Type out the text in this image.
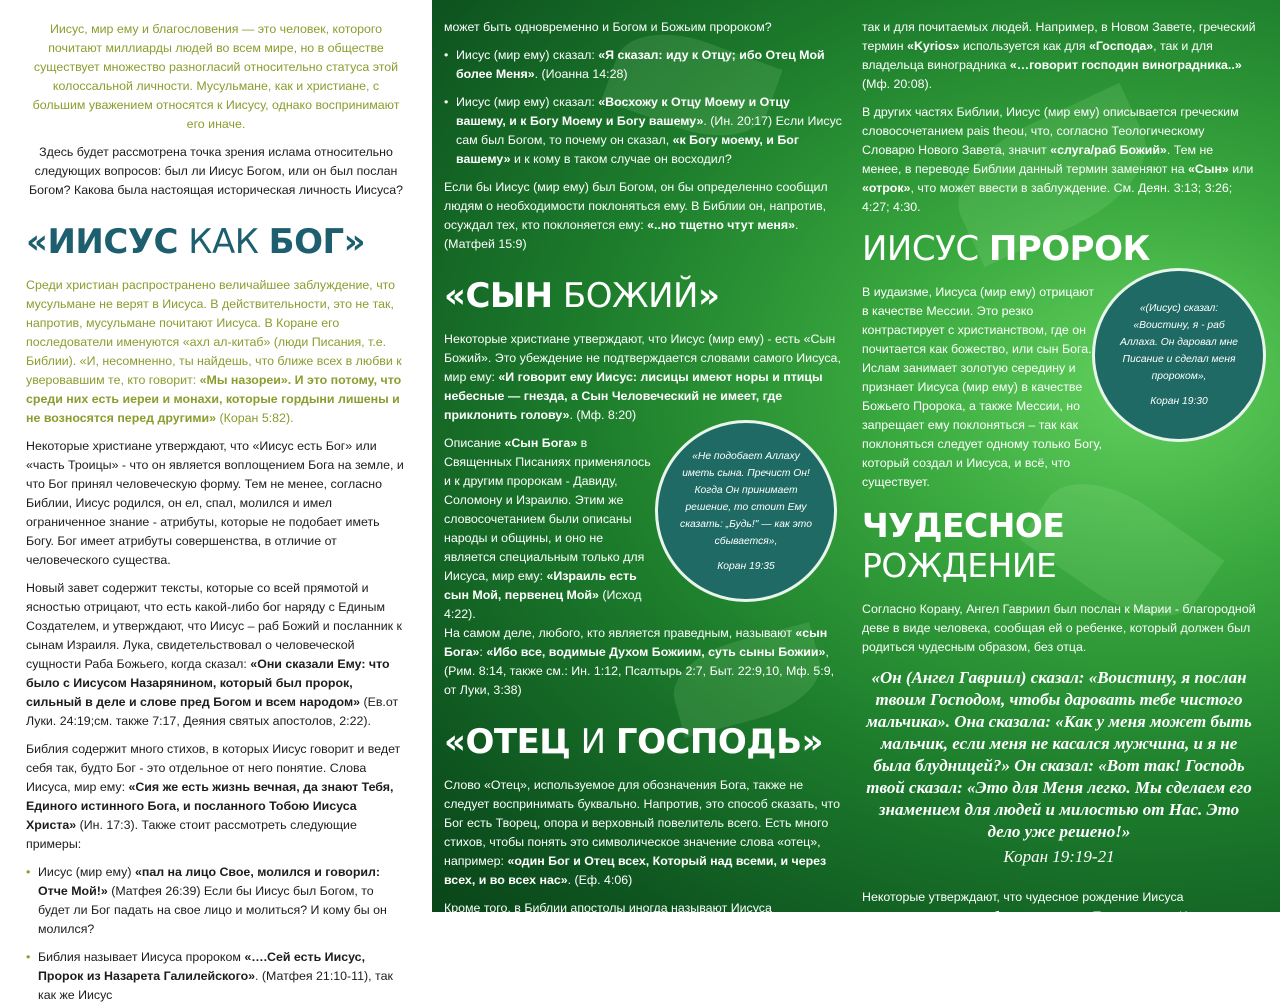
Иисус, мир ему и благословения — это человек, которого почитают миллиарды людей во всем мире, но в обществе существует множество разногласий относительно статуса этой колоссальной личности. Мусульмане, как и христиане, с большим уважением относятся к Иисусу, однако воспринимают его иначе.

Здесь будет рассмотрена точка зрения ислама относительно следующих вопросов: был ли Иисус Богом, или он был послан Богом? Какова была настоящая историческая личность Иисуса?

«ИИСУС КАК БОГ»

Среди христиан распространено величайшее заблуждение, что мусульмане не верят в Иисуса. В действительности, это не так, напротив, мусульмане почитают Иисуса. В Коране его последователи именуются «ахл ал-китаб» (люди Писания, т.е. Библии). «И, несомненно, ты найдешь, что ближе всех в любви к уверовавшим те, кто говорит: «Мы назореи». И это потому, что среди них есть иереи и монахи, которые гордыни лишены и не возносятся перед другими» (Коран 5:82).

Некоторые христиане утверждают, что «Иисус есть Бог» или «часть Троицы» - что он является воплощением Бога на земле, и что Бог принял человеческую форму. Тем не менее, согласно Библии, Иисус родился, он ел, спал, молился и имел ограниченное знание - атрибуты, которые не подобает иметь Богу. Бог имеет атрибуты совершенства, в отличие от человеческого существа.

Новый завет содержит тексты, которые со всей прямотой и ясностью отрицают, что есть какой-либо бог наряду с Единым Создателем, и утверждают, что Иисус – раб Божий и посланник к сынам Израиля. Лука, свидетельствовал о человеческой сущности Раба Божьего, когда сказал: «Они сказали Ему: что было с Иисусом Назарянином, который был пророк, сильный в деле и слове пред Богом и всем народом» (Ев.от Луки. 24:19;см. также 7:17, Деяния святых апостолов, 2:22).

Библия содержит много стихов, в которых Иисус говорит и ведет себя так, будто Бог - это отдельное от него понятие. Слова Иисуса, мир ему: «Сия же есть жизнь вечная, да знают Тебя, Единого истинного Бога, и посланного Тобою Иисуса Христа» (Ин. 17:3). Также стоит рассмотреть следующие примеры:

• Иисус (мир ему) «пал на лицо Свое, молился и говорил: Отче Мой!» (Матфея 26:39) Если бы Иисус был Богом, то будет ли Бог падать на свое лицо и молиться? И кому бы он молился?

• Библия называет Иисуса пророком «….Сей есть Иисус, Пророк из Назарета Галилейского». (Матфея 21:10-11), так как же Иисус

может быть одновременно и Богом и Божьим пророком?

• Иисус (мир ему) сказал: «Я сказал: иду к Отцу; ибо Отец Мой более Меня». (Иоанна 14:28)

• Иисус (мир ему) сказал: «Восхожу к Отцу Моему и Отцу вашему, и к Богу Моему и Богу вашему». (Ин. 20:17) Если Иисус сам был Богом, то почему он сказал, «к Богу моему, и Бог вашему» и к кому в таком случае он восходил?

Если бы Иисус (мир ему) был Богом, он бы определенно сообщил людям о необходимости поклоняться ему. В Библии он, напротив, осуждал тех, кто поклоняется ему: «..но тщетно чтут меня». (Матфей 15:9)

«СЫН БОЖИЙ»

Некоторые христиане утверждают, что Иисус (мир ему) - есть «Сын Божий». Это убеждение не подтверждается словами самого Иисуса, мир ему: «И говорит ему Иисус: лисицы имеют норы и птицы небесные — гнезда, а Сын Человеческий не имеет, где приклонить голову». (Мф. 8:20)

Описание «Сын Бога» в Священных Писаниях применялось и к другим пророкам - Давиду, Соломону и Израилю. Этим же словосочетанием были описаны народы и общины, и оно не является специальным только для Иисуса, мир ему: «Израиль есть сын Мой, первенец Мой» (Исход 4:22).

На самом деле, любого, кто является праведным, называют «сын Бога»: «Ибо все, водимые Духом Божиим, суть сыны Божии», (Рим. 8:14, также см.: Ин. 1:12, Псалтырь 2:7, Быт. 22:9,10, Мф. 5:9, от Луки, 3:38)

«ОТЕЦ И ГОСПОДЬ»

Слово «Отец», используемое для обозначения Бога, также не следует воспринимать буквально. Напротив, это способ сказать, что Бог есть Творец, опора и верховный повелитель всего. Есть много стихов, чтобы понять это символическое значение слова «отец», например: «один Бог и Отец всех, Который над всеми, и через всех, и во всех нас». (Еф. 4:06)

Кроме того, в Библии апостолы иногда называют Иисуса «Господь». Однако этот термин используется в оригиналах Писания, как к Богу,

«Не подобает Аллаху иметь сына. Пречист Он! Когда Он принимает решение, то стоит Ему сказать: „Будь!" — как это сбывается»,
Коран 19:35

так и для почитаемых людей. Например, в Новом Завете, греческий термин «Kyrios» используется как для «Господа», так и для владельца виноградника «…говорит господин виноградника..» (Мф. 20:08).

В других частях Библии, Иисус (мир ему) описывается греческим словосочетанием pais theou, что, согласно Теологическому Словарю Нового Завета, значит «слуга/раб Божий». Тем не менее, в переводе Библии данный термин заменяют на «Сын» или «отрок», что может ввести в заблуждение. См. Деян. 3:13; 3:26; 4:27; 4:30.

ИИСУС ПРОРОК

В иудаизме, Иисуса (мир ему) отрицают в качестве Мессии. Это резко контрастирует с христианством, где он почитается как божество, или сын Бога. Ислам занимает золотую середину и признает Иисуса (мир ему) в качестве Божьего Пророка, а также Мессии, но запрещает ему поклоняться – так как поклоняться следует одному только Богу, который создал и Иисуса, и всё, что существует.

ЧУДЕСНОЕ РОЖДЕНИЕ

Согласно Корану, Ангел Гавриил был послан к Марии - благородной деве в виде человека, сообщая ей о ребенке, который должен был родиться чудесным образом, без отца.

«Он (Ангел Гавриил) сказал: «Воистину, я послан твоим Господом, чтобы даровать тебе чистого мальчика». Она сказала: «Как у меня может быть мальчик, если меня не касался мужчина, и я не была блудницей?» Он сказал: «Вот так! Господь твой сказал: «Это для Меня легко. Мы сделаем его знамением для людей и милостью от Нас. Это дело уже решено!»
Коран 19:19-21

Некоторые утверждают, что чудесное рождение Иисуса свидетельствует о его божественности. Тем не менее, Иисус не был первым, кто пришел в существование без отца. Например, Пророк Адам (мир ему и благословение) был сотворен без матери и отца. Всевышний говорит:

«(Иисус) сказал: «Воистину, я - раб Аллаха. Он даровал мне Писание и сделал меня пророком»,
Коран 19:30
